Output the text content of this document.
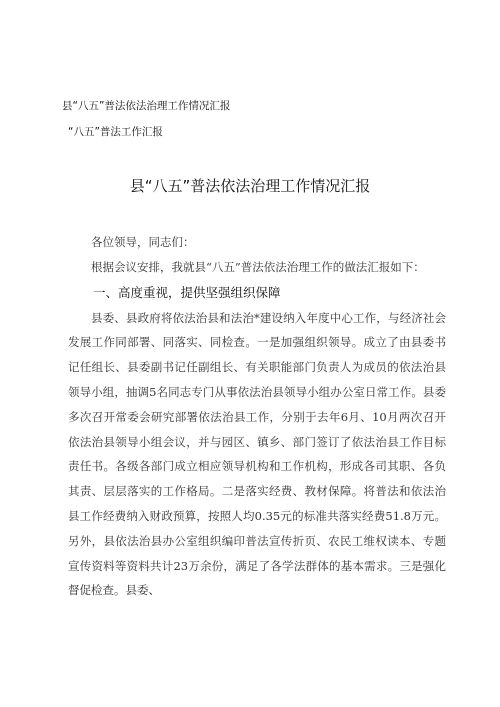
县“八五”普法依法治理工作情况汇报
“八五”普法工作汇报
县“八五”普法依法治理工作情况汇报

各位领导，同志们：

根据会议安排，我就县“八五”普法依法治理工作的做法汇报如下：

一、高度重视，提供坚强组织保障

县委、县政府将依法治县和法治*建设纳入年度中心工作，与经济社会发展工作同部署、同落实、同检查。一是加强组织领导。成立了由县委书记任组长、县委副书记任副组长、有关职能部门负责人为成员的依法治县领导小组，抽调5名同志专门从事依法治县领导小组办公室日常工作。县委多次召开常委会研究部署依法治县工作，分别于去年6月、10月两次召开依法治县领导小组会议，并与园区、镇乡、部门签订了依法治县工作目标责任书。各级各部门成立相应领导机构和工作机构，形成各司其职、各负其责、层层落实的工作格局。二是落实经费、教材保障。将普法和依法治县工作经费纳入财政预算，按照人均0.35元的标准共落实经费51.8万元。另外，县依法治县办公室组织编印普法宣传折页、农民工维权读本、专题宣传资料等资料共计23万余份，满足了各学法群体的基本需求。三是强化督促检查。县委、
